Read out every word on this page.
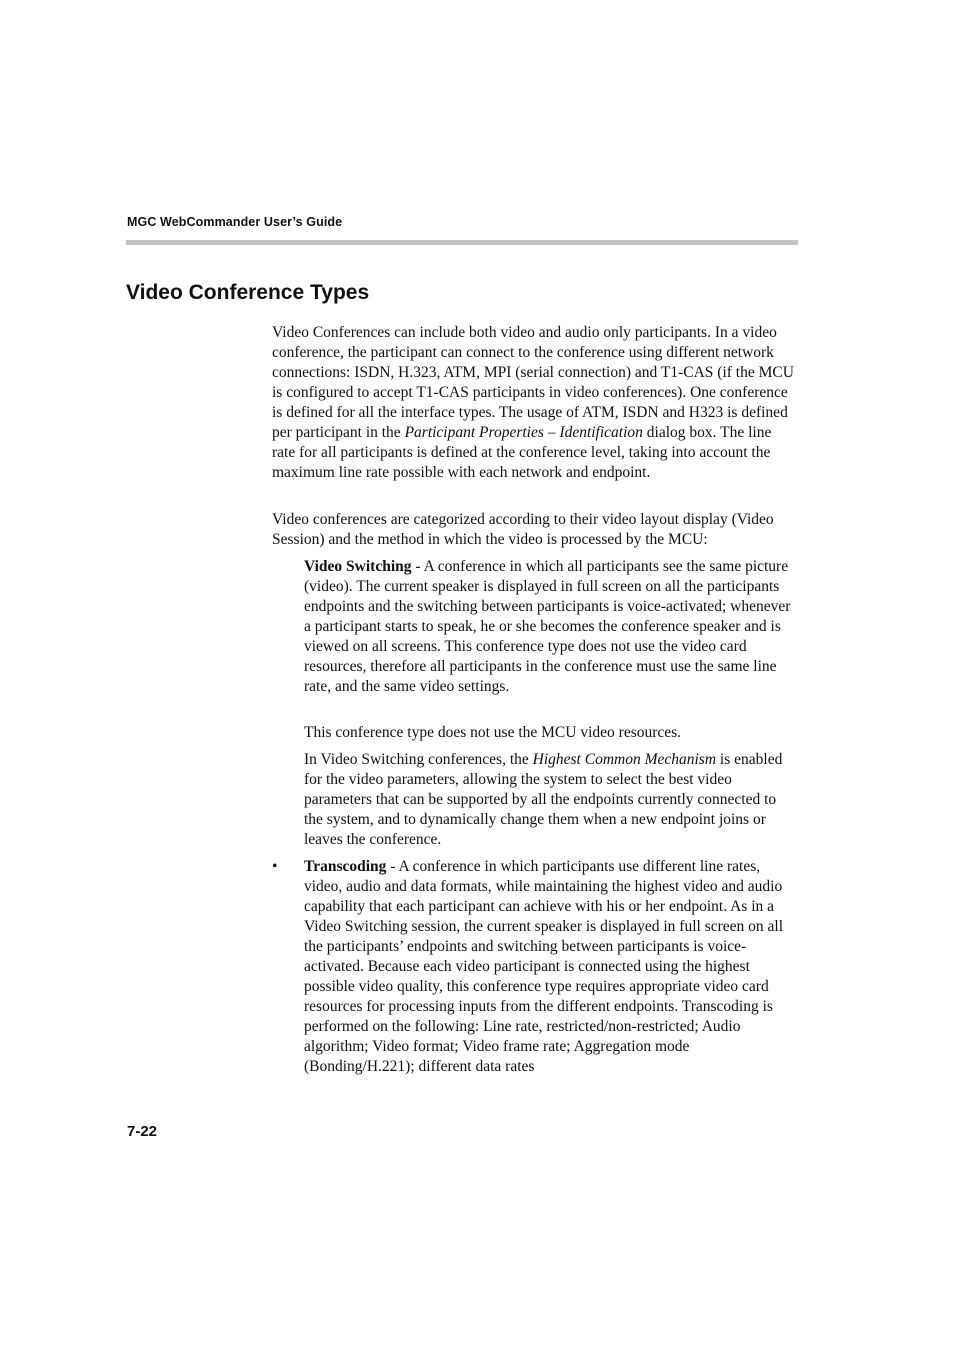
MGC WebCommander User’s Guide
Video Conference Types

Video Conferences can include both video and audio only participants. In a video conference, the participant can connect to the conference using different network connections: ISDN, H.323, ATM, MPI (serial connection) and T1-CAS (if the MCU is configured to accept T1-CAS participants in video conferences). One conference is defined for all the interface types. The usage of ATM, ISDN and H323 is defined per participant in the Participant Properties – Identification dialog box. The line rate for all participants is defined at the conference level, taking into account the maximum line rate possible with each network and endpoint.

Video conferences are categorized according to their video layout display (Video Session) and the method in which the video is processed by the MCU:

Video Switching - A conference in which all participants see the same picture (video). The current speaker is displayed in full screen on all the participants endpoints and the switching between participants is voice-activated; whenever a participant starts to speak, he or she becomes the conference speaker and is viewed on all screens. This conference type does not use the video card resources, therefore all participants in the conference must use the same line rate, and the same video settings.

This conference type does not use the MCU video resources.

In Video Switching conferences, the Highest Common Mechanism is enabled for the video parameters, allowing the system to select the best video parameters that can be supported by all the endpoints currently connected to the system, and to dynamically change them when a new endpoint joins or leaves the conference.

• Transcoding - A conference in which participants use different line rates, video, audio and data formats, while maintaining the highest video and audio capability that each participant can achieve with his or her endpoint. As in a Video Switching session, the current speaker is displayed in full screen on all the participants’ endpoints and switching between participants is voice-activated. Because each video participant is connected using the highest possible video quality, this conference type requires appropriate video card resources for processing inputs from the different endpoints. Transcoding is performed on the following: Line rate, restricted/non-restricted; Audio algorithm; Video format; Video frame rate; Aggregation mode (Bonding/H.221); different data rates

7-22
